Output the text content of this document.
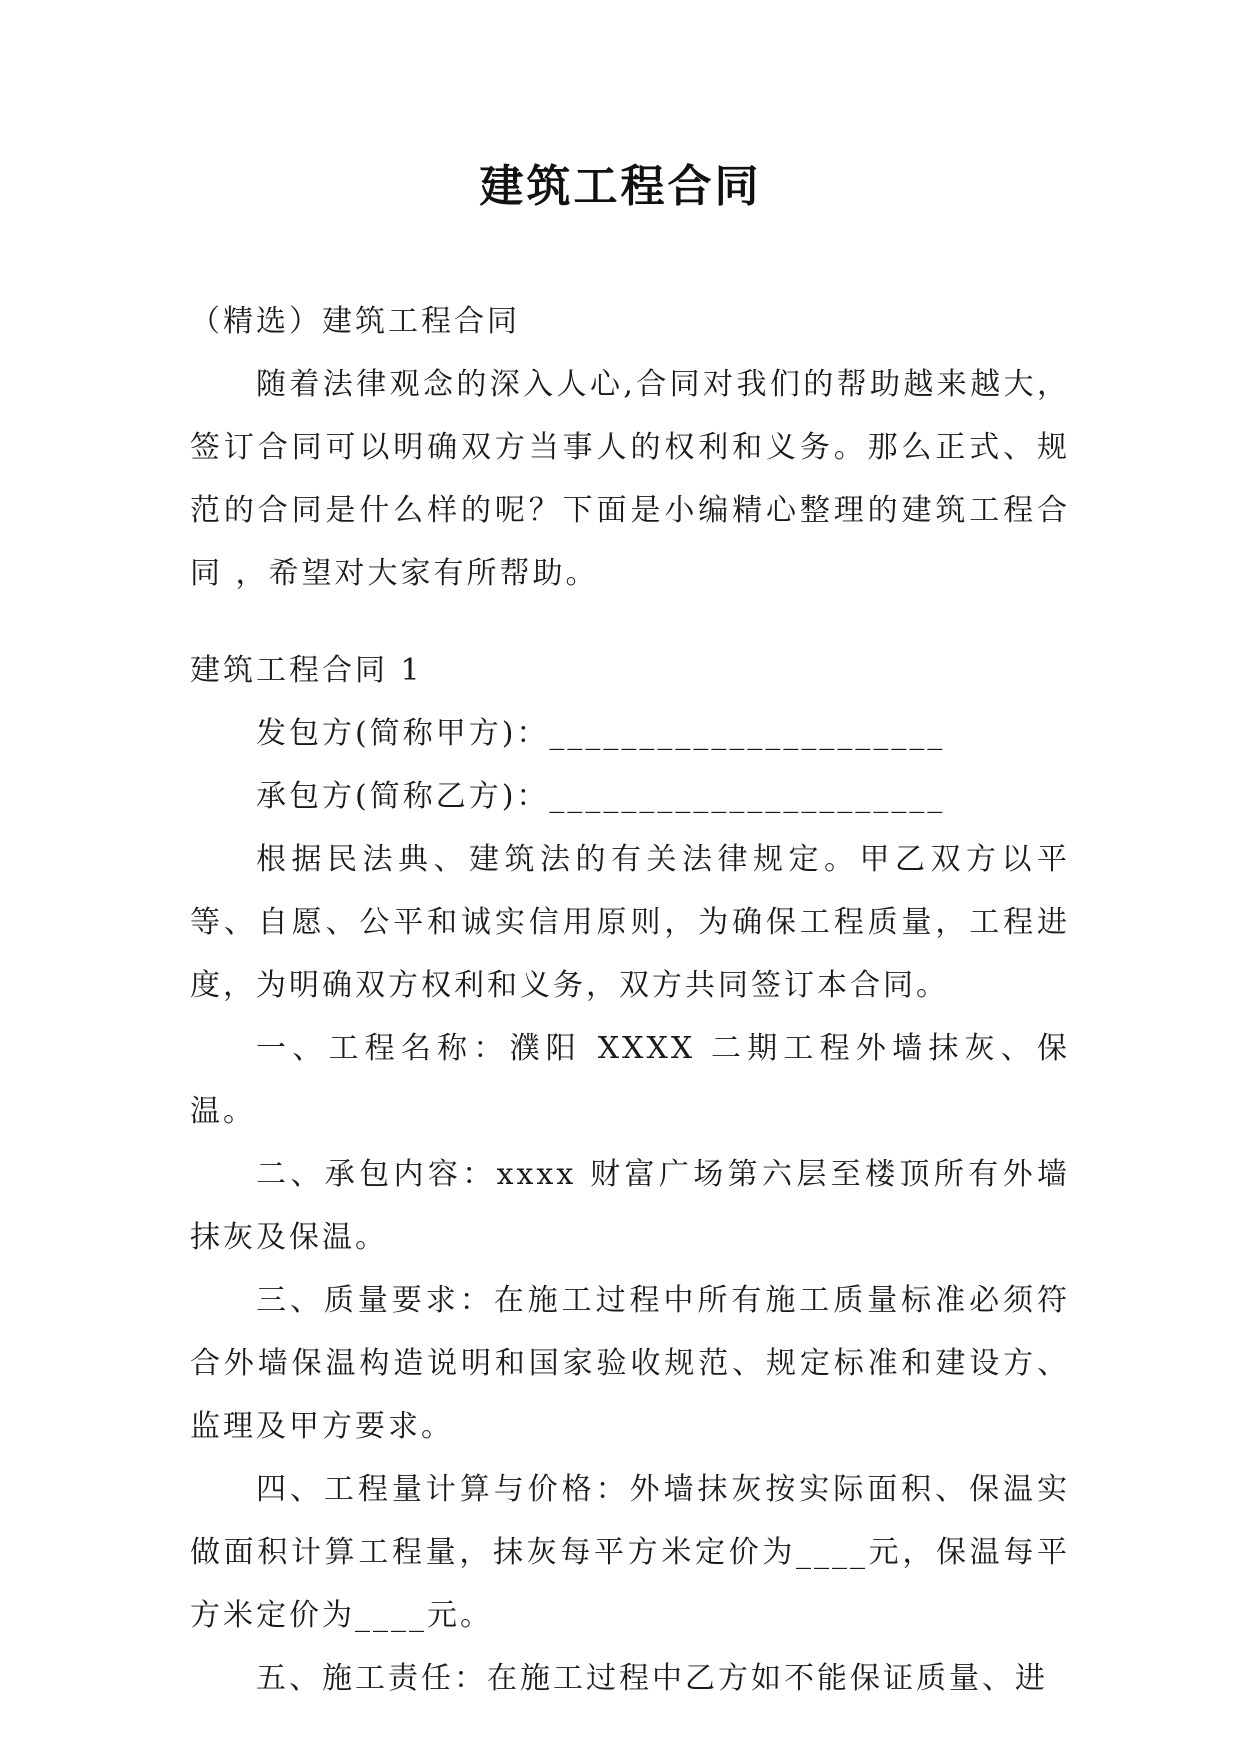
建筑工程合同

（精选）建筑工程合同

随着法律观念的深入人心,合同对我们的帮助越来越大，签订合同可以明确双方当事人的权利和义务。那么正式、规范的合同是什么样的呢？下面是小编精心整理的建筑工程合同 ，希望对大家有所帮助。

建筑工程合同 1

发包方(简称甲方)：______________________

承包方(简称乙方)：______________________

根据民法典、建筑法的有关法律规定。甲乙双方以平等、自愿、公平和诚实信用原则，为确保工程质量，工程进度，为明确双方权利和义务，双方共同签订本合同。

一、工程名称：濮阳 XXXX 二期工程外墙抹灰、保温。

二、承包内容：xxxx 财富广场第六层至楼顶所有外墙抹灰及保温。

三、质量要求：在施工过程中所有施工质量标准必须符合外墙保温构造说明和国家验收规范、规定标准和建设方、监理及甲方要求。

四、工程量计算与价格：外墙抹灰按实际面积、保温实做面积计算工程量，抹灰每平方米定价为____元，保温每平方米定价为____元。

五、施工责任：在施工过程中乙方如不能保证质量、进
